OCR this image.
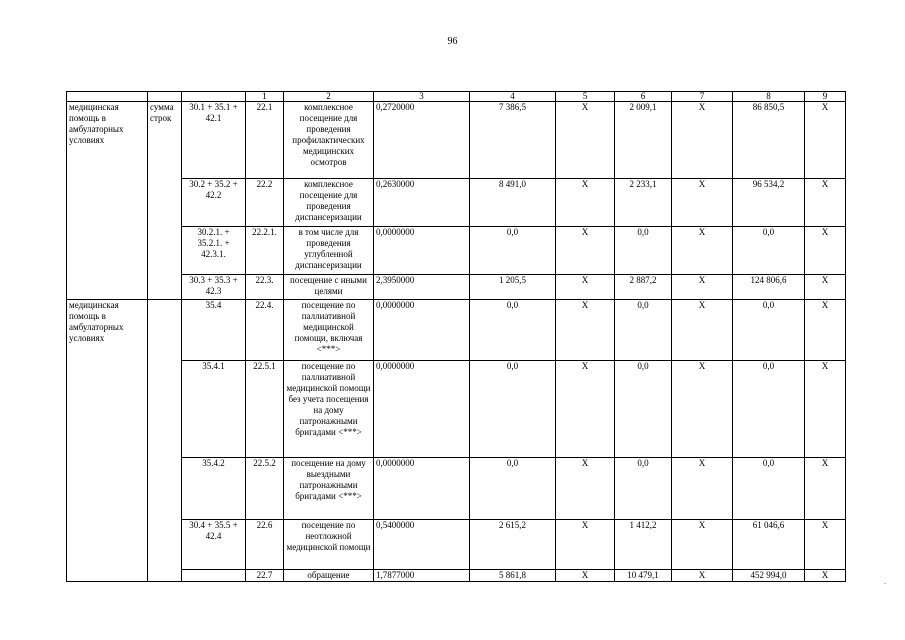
96
			1	2	3	4	5	6	7	8	9
медицинская помощь в амбулаторных условиях	сумма строк	30.1 + 35.1 + 42.1	22.1	комплексное посещение для проведения профилактических медицинских осмотров	0,2720000	7 386,5	X	2 009,1	X	86 850,5	X
		30.2 + 35.2 + 42.2	22.2	комплексное посещение для проведения диспансеризации	0,2630000	8 491,0	X	2 233,1	X	96 534,2	X
		30.2.1. + 35.2.1. + 42.3.1.	22.2.1.	в том числе для проведения углубленной диспансеризации	0,0000000	0,0	X	0,0	X	0,0	X
		30.3 + 35.3 + 42.3	22.3.	посещение с иными целями	2,3950000	1 205,5	X	2 887,2	X	124 806,6	X
медицинская помощь в амбулаторных условиях		35.4	22.4.	посещение по паллиативной медицинской помощи, включая <***>	0,0000000	0,0	X	0,0	X	0,0	X
		35.4.1	22.5.1	посещение по паллиативной медицинской помощи без учета посещения на дому патронажными бригадами <***>	0,0000000	0,0	X	0,0	X	0,0	X
		35.4.2	22.5.2	посещение на дому выездными патронажными бригадами <***>	0,0000000	0,0	X	0,0	X	0,0	X
		30.4 + 35.5 + 42.4	22.6	посещение по неотложной медицинской помощи	0,5400000	2 615,2	X	1 412,2	X	61 046,6	X
			22.7	обращение	1,7877000	5 861,8	X	10 479,1	X	452 994,0	X
.
